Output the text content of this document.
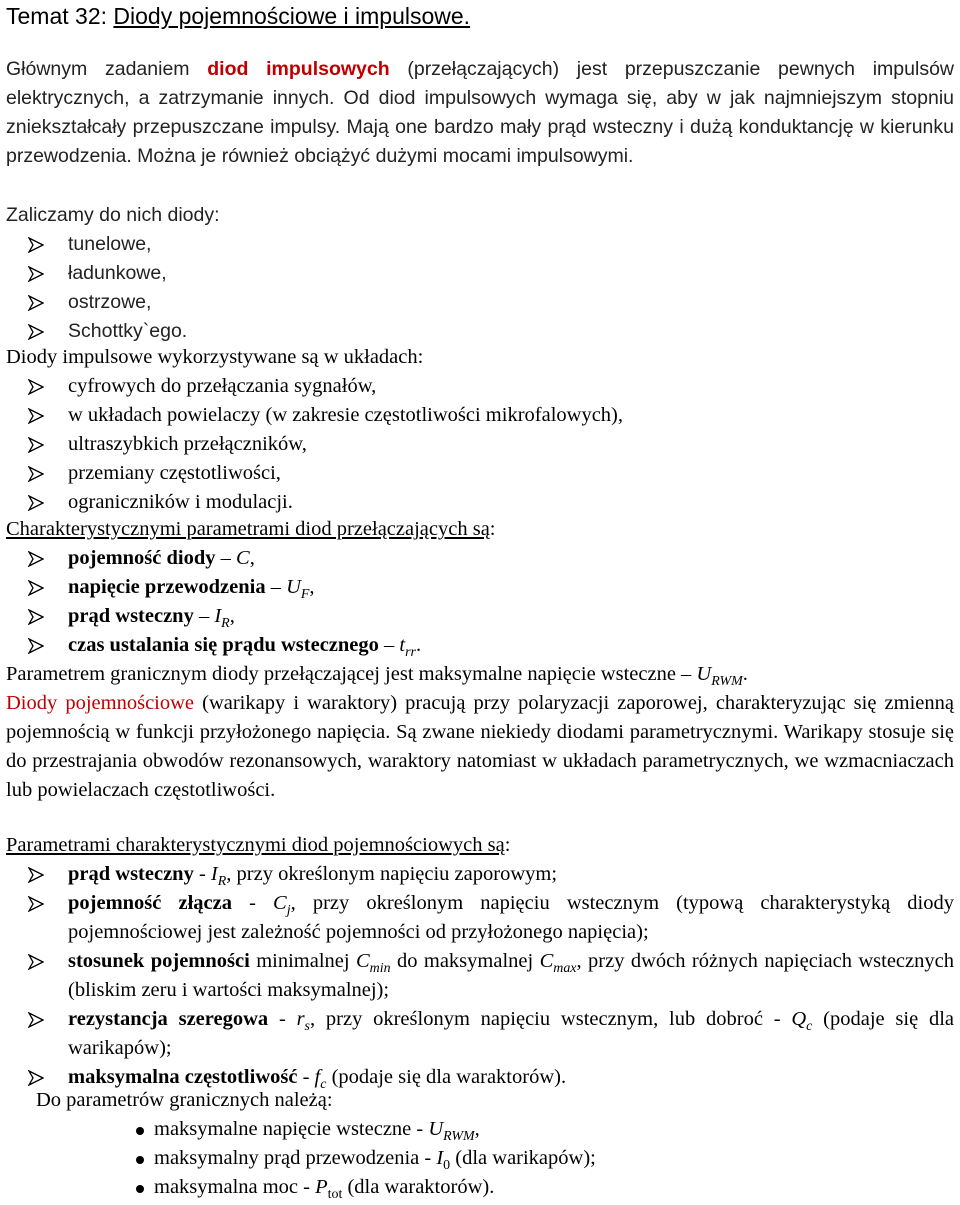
Temat 32: Diody pojemnościowe i impulsowe.
Głównym zadaniem diod impulsowych (przełączających) jest przepuszczanie pewnych impulsów elektrycznych, a zatrzymanie innych. Od diod impulsowych wymaga się, aby w jak najmniejszym stopniu zniekształcały przepuszczane impulsy. Mają one bardzo mały prąd wsteczny i dużą konduktancję w kierunku przewodzenia. Można je również obciążyć dużymi mocami impulsowymi.
Zaliczamy do nich diody:
tunelowe,
ładunkowe,
ostrzowe,
Schottky`ego.
Diody impulsowe wykorzystywane są w układach:
cyfrowych do przełączania sygnałów,
w układach powielaczy (w zakresie częstotliwości mikrofalowych),
ultraszybkich przełączników,
przemiany częstotliwości,
ograniczników i modulacji.
Charakterystycznymi parametrami diod przełączających są:
pojemność diody – C,
napięcie przewodzenia – $U_F$,
prąd wsteczny – $I_R$,
czas ustalania się prądu wstecznego – $t_{rr}$.
Parametrem granicznym diody przełączającej jest maksymalne napięcie wsteczne – $U_{RWM}$.
Diody pojemnościowe (warikapy i waraktory) pracują przy polaryzacji zaporowej, charakteryzując się zmienną pojemnością w funkcji przyłożonego napięcia. Są zwane niekiedy diodami parametrycznymi. Warikapy stosuje się do przestrajania obwodów rezonansowych, waraktory natomiast w układach parametrycznych, we wzmacniaczach lub powielaczach częstotliwości.
Parametrami charakterystycznymi diod pojemnościowych są:
prąd wsteczny - $I_R$, przy określonym napięciu zaporowym;
pojemność złącza - $C_j$, przy określonym napięciu wstecznym (typową charakterystyką diody pojemnościowej jest zależność pojemności od przyłożonego napięcia);
stosunek pojemności minimalnej $C_{min}$ do maksymalnej $C_{max}$, przy dwóch różnych napięciach wstecznych (bliskim zeru i wartości maksymalnej);
rezystancja szeregowa - $r_s$, przy określonym napięciu wstecznym, lub dobroć - $Q_c$ (podaje się dla warikapów);
maksymalna częstotliwość - $f_c$ (podaje się dla waraktorów).
Do parametrów granicznych należą:
maksymalne napięcie wsteczne - $U_{RWM}$,
maksymalny prąd przewodzenia - $I_0$ (dla warikapów);
maksymalna moc - $P_{tot}$ (dla waraktorów).
